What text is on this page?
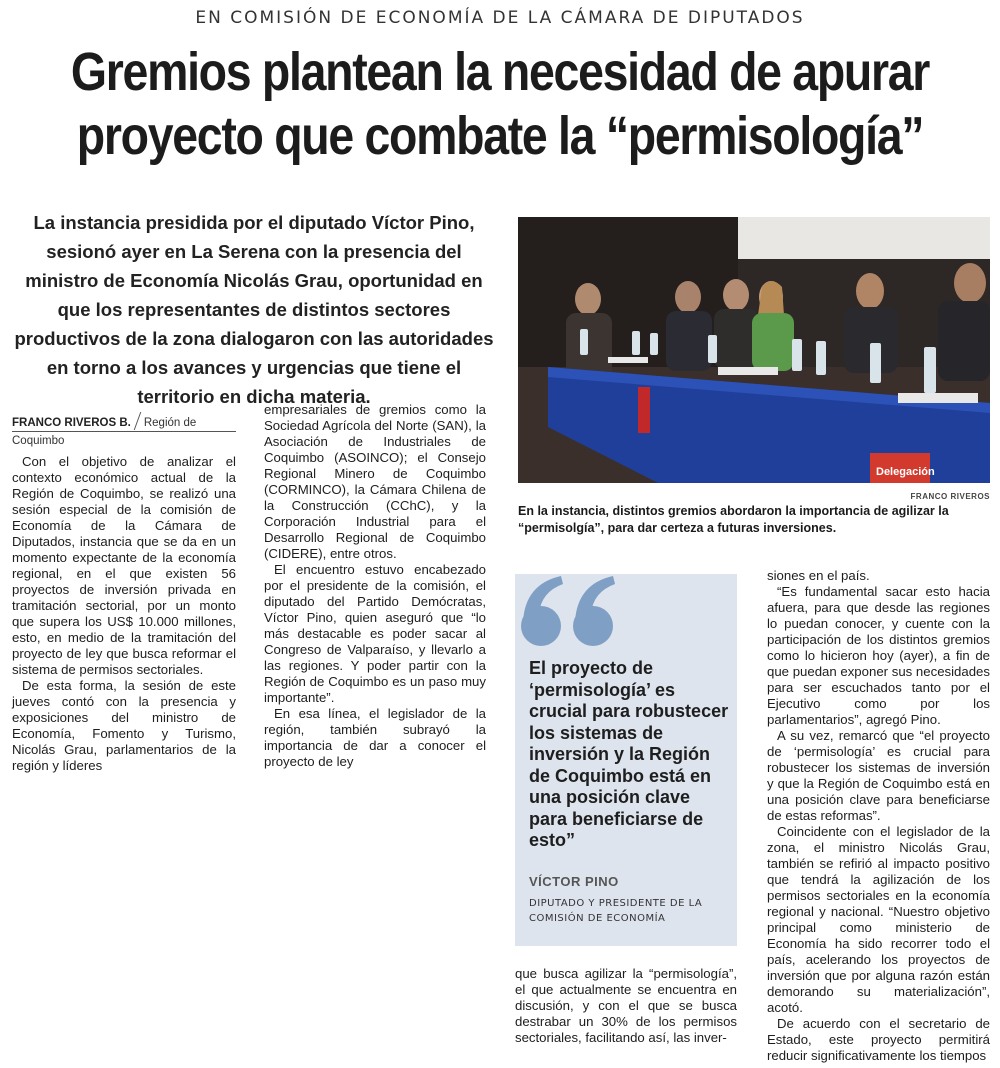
EN COMISIÓN DE ECONOMÍA DE LA CÁMARA DE DIPUTADOS
Gremios plantean la necesidad de apurar
proyecto que combate la “permisología”
La instancia presidida por el diputado Víctor Pino, sesionó ayer en La Serena con la presencia del ministro de Economía Nicolás Grau, oportunidad en que los representantes de distintos sectores productivos de la zona dialogaron con las autoridades en torno a los avances y urgencias que tiene el territorio en dicha materia.
Delegación
FRANCO RIVEROS
En la instancia, distintos gremios abordaron la importancia de agilizar la “permisolgía”, para dar certeza a futuras inversiones.
FRANCO RIVEROS B. Región de Coquimbo

Con el objetivo de analizar el contexto económico actual de la Región de Coquimbo, se realizó una sesión especial de la comisión de Economía de la Cámara de Diputados, instancia que se da en un momento expectante de la economía regional, en el que existen 56 proyectos de inversión privada en tramitación sectorial, por un monto que supera los US$ 10.000 millones, esto, en medio de la tramitación del proyecto de ley que busca reformar el sistema de permisos sectoriales.

De esta forma, la sesión de este jueves contó con la presencia y exposiciones del ministro de Economía, Fomento y Turismo, Nicolás Grau, parlamentarios de la región y líderes

empresariales de gremios como la Sociedad Agrícola del Norte (SAN), la Asociación de Industriales de Coquimbo (ASOINCO); el Consejo Regional Minero de Coquimbo (CORMINCO), la Cámara Chilena de la Construcción (CChC), y la Corporación Industrial para el Desarrollo Regional de Coquimbo (CIDERE), entre otros.

El encuentro estuvo encabezado por el presidente de la comisión, el diputado del Partido Demócratas, Víctor Pino, quien aseguró que “lo más destacable es poder sacar al Congreso de Valparaíso, y llevarlo a las regiones. Y poder partir con la Región de Coquimbo es un paso muy importante”.

En esa línea, el legislador de la región, también subrayó la importancia de dar a conocer el proyecto de ley

El proyecto de ‘permisología’ es crucial para robustecer los sistemas de inversión y la Región de Coquimbo está en una posición clave para beneficiarse de esto”
VÍCTOR PINO
DIPUTADO Y PRESIDENTE DE LA COMISIÓN DE ECONOMÍA

que busca agilizar la “permisología”, el que actualmente se encuentra en discusión, y con el que se busca destrabar un 30% de los permisos sectoriales, facilitando así, las inver-

siones en el país.

“Es fundamental sacar esto hacia afuera, para que desde las regiones lo puedan conocer, y cuente con la participación de los distintos gremios como lo hicieron hoy (ayer), a fin de que puedan exponer sus necesidades para ser escuchados tanto por el Ejecutivo como por los parlamentarios”, agregó Pino.

A su vez, remarcó que “el proyecto de ‘permisología’ es crucial para robustecer los sistemas de inversión y que la Región de Coquimbo está en una posición clave para beneficiarse de estas reformas”.

Coincidente con el legislador de la zona, el ministro Nicolás Grau, también se refirió al impacto positivo que tendrá la agilización de los permisos sectoriales en la economía regional y nacional. “Nuestro objetivo principal como ministerio de Economía ha sido recorrer todo el país, acelerando los proyectos de inversión que por alguna razón están demorando su materialización”, acotó.

De acuerdo con el secretario de Estado, este proyecto permitirá reducir significativamente los tiempos
